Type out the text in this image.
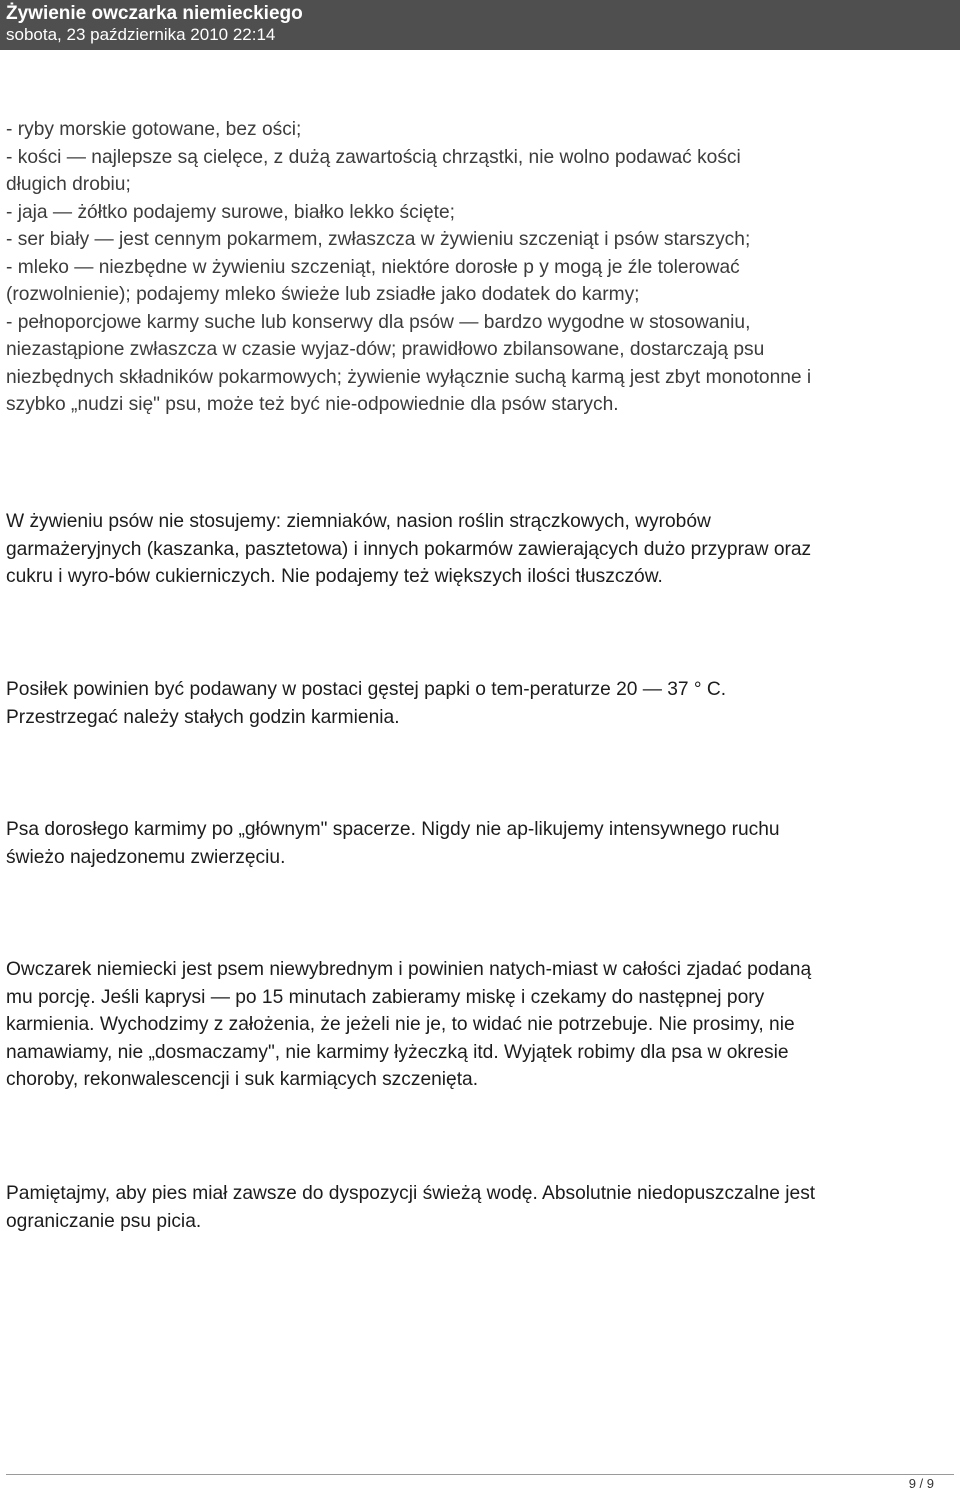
Żywienie owczarka niemieckiego
sobota, 23 października 2010 22:14
- ryby morskie gotowane, bez ości;
- kości — najlepsze są cielęce, z dużą zawartością chrząstki, nie wolno podawać kości
długich drobiu;
- jaja — żółtko podajemy surowe, białko lekko ścięte;
- ser biały — jest cennym pokarmem, zwłaszcza w żywieniu szczeniąt i psów starszych;
- mleko — niezbędne w żywieniu szczeniąt, niektóre dorosłe p y mogą je źle tolerować
(rozwolnienie); podajemy mleko świeże lub zsiadłe jako dodatek do karmy;
- pełnoporcjowe karmy suche lub konserwy dla psów — bardzo wygodne w stosowaniu,
niezastąpione zwłaszcza w czasie wyjaz-dów; prawidłowo zbilansowane, dostarczają psu
niezbędnych składników pokarmowych; żywienie wyłącznie suchą karmą jest zbyt monotonne i
szybko „nudzi się" psu, może też być nie-odpowiednie dla psów starych.
W żywieniu psów nie stosujemy: ziemniaków, nasion roślin strączkowych, wyrobów
garmażeryjnych (kaszanka, pasztetowa) i innych pokarmów zawierających dużo przypraw oraz
cukru i wyro-bów cukierniczych. Nie podajemy też większych ilości tłuszczów.
Posiłek powinien być podawany w postaci gęstej papki o tem-peraturze 20 — 37 ° C.
Przestrzegać należy stałych godzin karmienia.
Psa dorosłego karmimy po „głównym" spacerze. Nigdy nie ap-likujemy intensywnego ruchu
świeżo najedzonemu zwierzęciu.
Owczarek niemiecki jest psem niewybrednym i powinien natych-miast w całości zjadać podaną
mu porcję. Jeśli kaprysi — po 15 minutach zabieramy miskę i czekamy do następnej pory
karmienia. Wychodzimy z założenia, że jeżeli nie je, to widać nie potrzebuje. Nie prosimy, nie
namawiamy, nie „dosmaczamy", nie karmimy łyżeczką itd. Wyjątek robimy dla psa w okresie
choroby, rekonwalescencji i suk karmiących szczenięta.
Pamiętajmy, aby pies miał zawsze do dyspozycji świeżą wodę. Absolutnie niedopuszczalne jest
ograniczanie psu picia.
9 / 9
